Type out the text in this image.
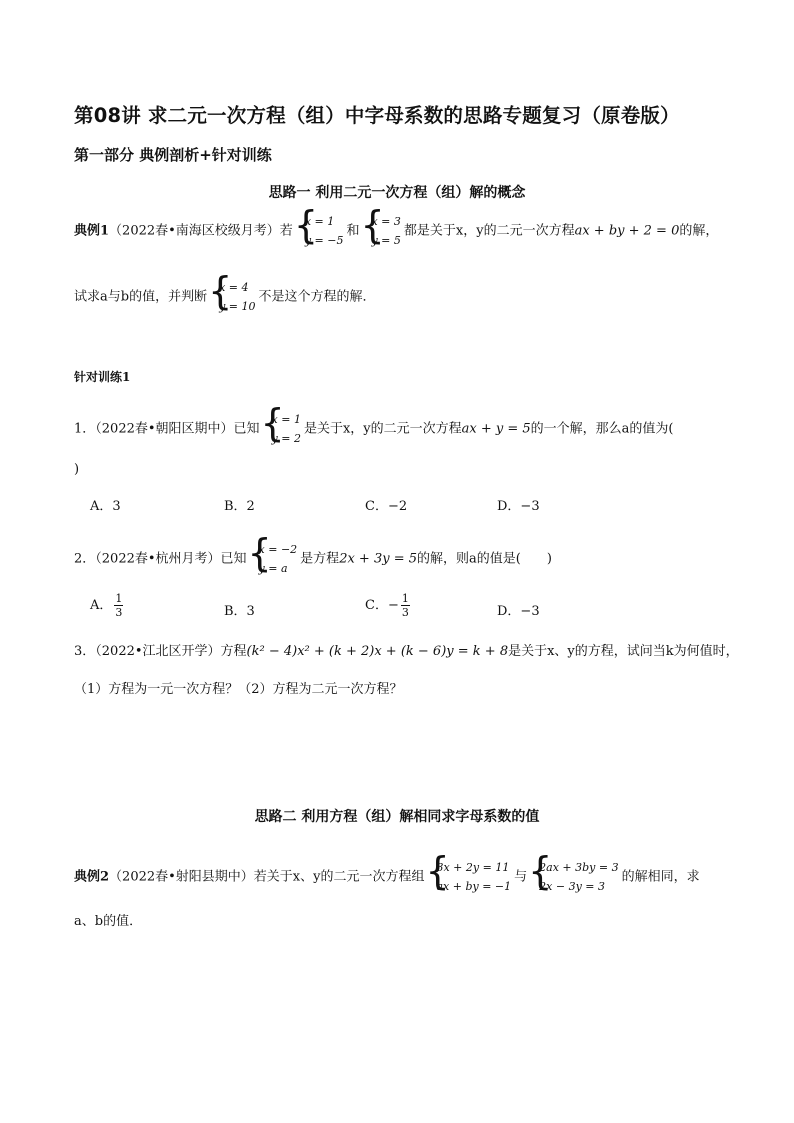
第08讲 求二元一次方程（组）中字母系数的思路专题复习（原卷版）
第一部分 典例剖析+针对训练
思路一 利用二元一次方程（组）解的概念
典例1（2022春•南海区校级月考）若
{ x = 1
y = −5
和
{ x = 3
y = 5
都是关于x，y的二元一次方程ax + by + 2 = 0的解，
试求a与b的值，并判断
{ x = 4
y = 10
不是这个方程的解．
针对训练1
1．（2022春•朝阳区期中）已知
{ x = 1
y = 2
是关于x，y的二元一次方程ax + y = 5的一个解，那么a的值为(
)
A．3	B．2	C．−2	D．−3
2．（2022春•杭州月考）已知
{ x = −2
y = a
是方程2x + 3y = 5的解，则a的值是(　　)
A． $\frac{1}{3}$	B．3	C．− $\frac{1}{3}$	D．−3
3．（2022•江北区开学）方程(k² − 4)x² + (k + 2)x + (k − 6)y = k + 8是关于x、y的方程，试问当k为何值时，
（1）方程为一元一次方程？（2）方程为二元一次方程？
思路二 利用方程（组）解相同求字母系数的值
典例2（2022春•射阳县期中）若关于x、y的二元一次方程组
{ 3x + 2y = 11
ax + by = −1
与
{ 2ax + 3by = 3
2x − 3y = 3
的解相同，求
a、b的值．
